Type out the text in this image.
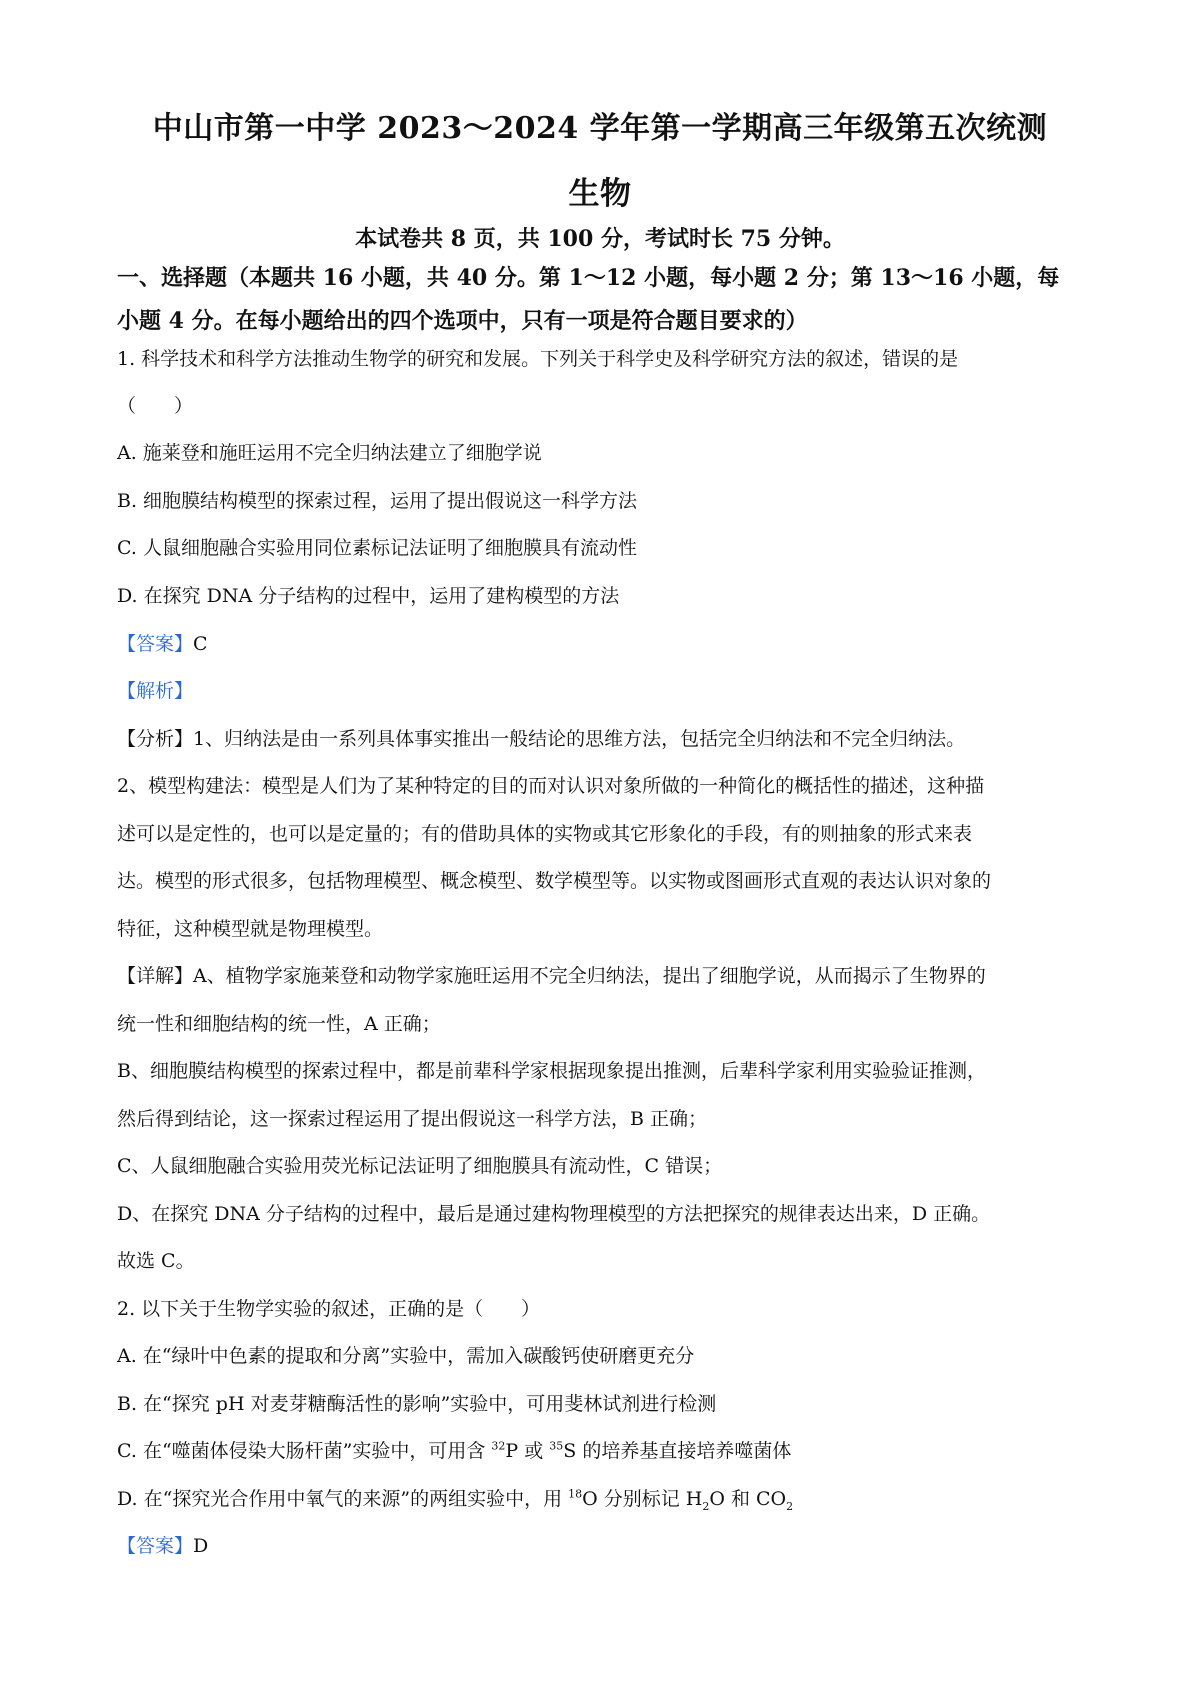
中山市第一中学 2023～2024 学年第一学期高三年级第五次统测
生物
本试卷共 8 页，共 100 分，考试时长 75 分钟。
一、选择题（本题共 16 小题，共 40 分。第 1～12 小题，每小题 2 分；第 13～16 小题，每
小题 4 分。在每小题给出的四个选项中，只有一项是符合题目要求的）
1. 科学技术和科学方法推动生物学的研究和发展。下列关于科学史及科学研究方法的叙述，错误的是
（　　）
A. 施莱登和施旺运用不完全归纳法建立了细胞学说
B. 细胞膜结构模型的探索过程，运用了提出假说这一科学方法
C. 人鼠细胞融合实验用同位素标记法证明了细胞膜具有流动性
D. 在探究 DNA 分子结构的过程中，运用了建构模型的方法
【答案】C
【解析】
【分析】1、归纳法是由一系列具体事实推出一般结论的思维方法，包括完全归纳法和不完全归纳法。
2、模型构建法：模型是人们为了某种特定的目的而对认识对象所做的一种简化的概括性的描述，这种描
述可以是定性的，也可以是定量的；有的借助具体的实物或其它形象化的手段，有的则抽象的形式来表
达。模型的形式很多，包括物理模型、概念模型、数学模型等。以实物或图画形式直观的表达认识对象的
特征，这种模型就是物理模型。
【详解】A、植物学家施莱登和动物学家施旺运用不完全归纳法，提出了细胞学说，从而揭示了生物界的
统一性和细胞结构的统一性，A 正确；
B、细胞膜结构模型的探索过程中，都是前辈科学家根据现象提出推测，后辈科学家利用实验验证推测，
然后得到结论，这一探索过程运用了提出假说这一科学方法，B 正确；
C、人鼠细胞融合实验用荧光标记法证明了细胞膜具有流动性，C 错误；
D、在探究 DNA 分子结构的过程中，最后是通过建构物理模型的方法把探究的规律表达出来，D 正确。
故选 C。
2. 以下关于生物学实验的叙述，正确的是（　　）
A. 在“绿叶中色素的提取和分离”实验中，需加入碳酸钙使研磨更充分
B. 在“探究 pH 对麦芽糖酶活性的影响”实验中，可用斐林试剂进行检测
C. 在“噬菌体侵染大肠杆菌”实验中，可用含 $^{32}$P 或 $^{35}$S 的培养基直接培养噬菌体
D. 在“探究光合作用中氧气的来源”的两组实验中，用 $^{18}$O 分别标记 $H_2O$ 和 $CO_2$
【答案】D
